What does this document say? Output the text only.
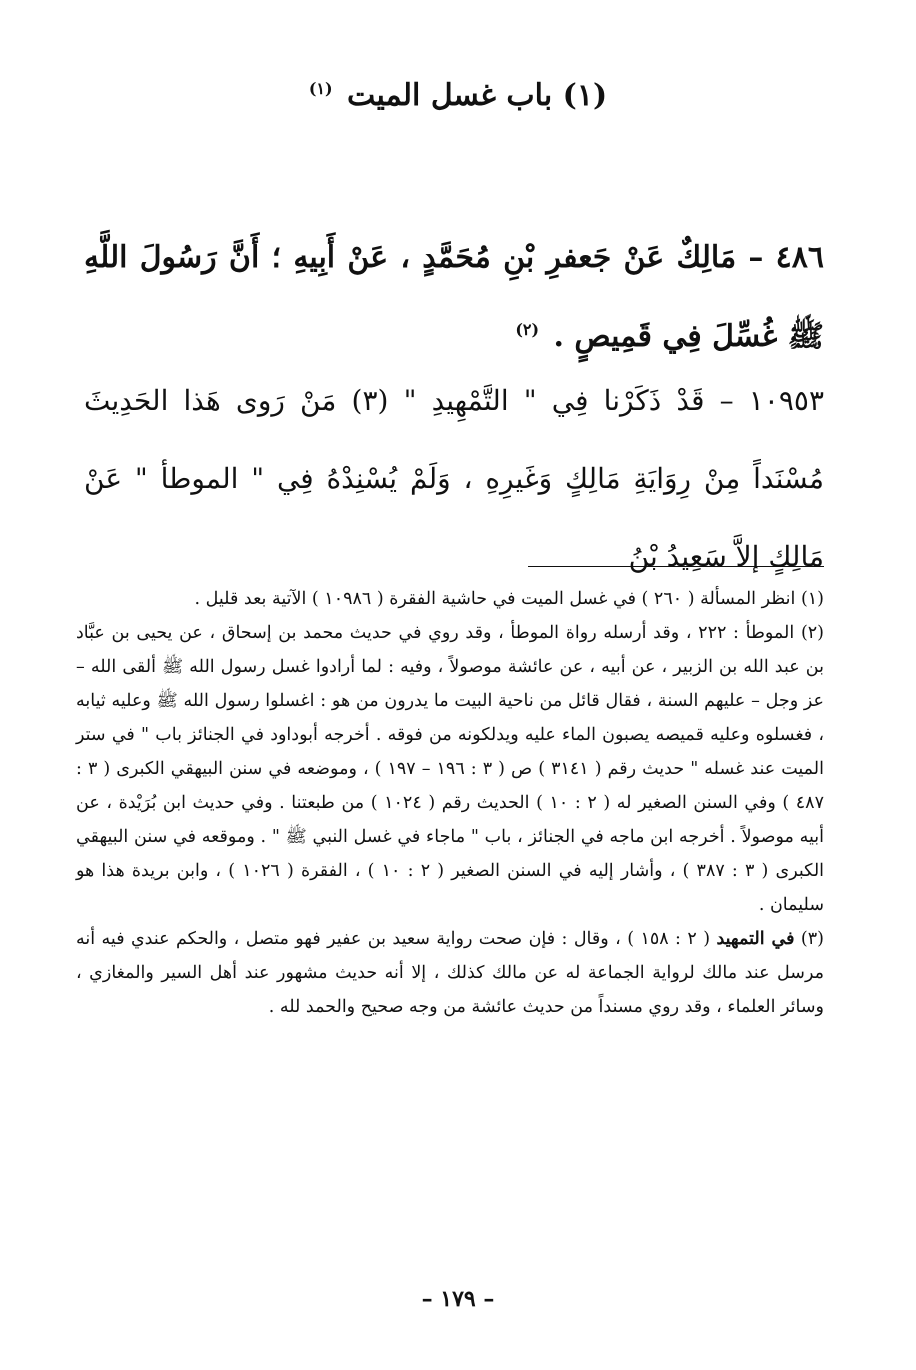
(١) باب غسل الميت $^{(١)}$
٤٨٦ – مَالِكٌ عَنْ جَعفرِ بْنِ مُحَمَّدٍ ، عَنْ أَبِيهِ ؛ أَنَّ رَسُولَ اللَّهِ ﷺ غُسِّلَ فِي قَمِيصٍ . $^{(٢)}$
١٠٩٥٣ – قَدْ ذَكَرْنا فِي " التَّمْهِيدِ " (٣) مَنْ رَوى هَذا الحَدِيثَ مُسْنَداً مِنْ رِوَايَةِ مَالِكٍ وَغَيرِهِ ، وَلَمْ يُسْنِدْهُ فِي " الموطأ " عَنْ مَالِكٍ إلاَّ سَعِيدُ بْنُ

(١) انظر المسألة ( ٢٦٠ ) في غسل الميت في حاشية الفقرة ( ١٠٩٨٦ ) الآتية بعد قليل .

(٢) الموطأ : ٢٢٢ ، وقد أرسله رواة الموطأ ، وقد روي في حديث محمد بن إسحاق ، عن يحيى بن عبَّاد بن عبد الله بن الزبير ، عن أبيه ، عن عائشة موصولاً ، وفيه : لما أرادوا غسل رسول الله ﷺ ألقى الله – عز وجل – عليهم السنة ، فقال قائل من ناحية البيت ما يدرون من هو : اغسلوا رسول الله ﷺ وعليه ثيابه ، فغسلوه وعليه قميصه يصبون الماء عليه ويدلكونه من فوقه . أخرجه أبوداود في الجنائز باب " في ستر الميت عند غسله " حديث رقم ( ٣١٤١ ) ص ( ٣ : ١٩٦ – ١٩٧ ) ، وموضعه في سنن البيهقي الكبرى ( ٣ : ٤٨٧ ) وفي السنن الصغير له ( ٢ : ١٠ ) الحديث رقم ( ١٠٢٤ ) من طبعتنا . وفي حديث ابن بُرَيْدة ، عن أبيه موصولاً . أخرجه ابن ماجه في الجنائز ، باب " ماجاء في غسل النبي ﷺ " . وموقعه في سنن البيهقي الكبرى ( ٣ : ٣٨٧ ) ، وأشار إليه في السنن الصغير ( ٢ : ١٠ ) ، الفقرة ( ١٠٢٦ ) ، وابن بريدة هذا هو سليمان .

(٣) في التمهيد ( ٢ : ١٥٨ ) ، وقال : فإن صحت رواية سعيد بن عفير فهو متصل ، والحكم عندي فيه أنه مرسل عند مالك لرواية الجماعة له عن مالك كذلك ، إلا أنه حديث مشهور عند أهل السير والمغازي ، وسائر العلماء ، وقد روي مسنداً من حديث عائشة من وجه صحيح والحمد لله .

– ١٧٩ –
